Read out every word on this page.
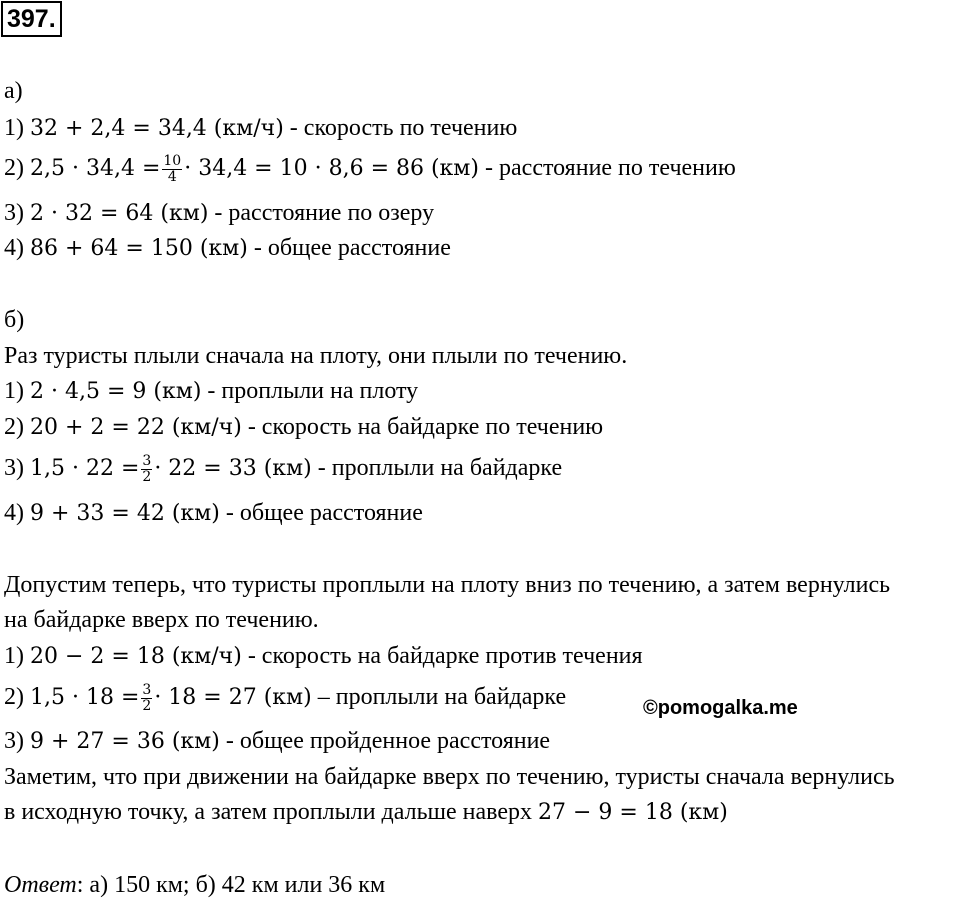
397.
а)
1) 32 + 2,4 = 34,4 (км/ч) - скорость по течению
2) $2,5 \cdot 34,4 = \frac{10}{4} \cdot 34,4 = 10 \cdot 8,6 = 86$ (км) - расстояние по течению
3) 2 · 32 = 64 (км) - расстояние по озеру
4) 86 + 64 = 150 (км) - общее расстояние
б)
Раз туристы плыли сначала на плоту, они плыли по течению.
1) 2 · 4,5 = 9 (км) - проплыли на плоту
2) 20 + 2 = 22 (км/ч) - скорость на байдарке по течению
3) $1,5 \cdot 22 = \frac{3}{2} \cdot 22 = 33$ (км) - проплыли на байдарке
4) 9 + 33 = 42 (км) - общее расстояние
Допустим теперь, что туристы проплыли на плоту вниз по течению, а затем вернулись
на байдарке вверх по течению.
1) 20 − 2 = 18 (км/ч) - скорость на байдарке против течения
2) $1,5 \cdot 18 = \frac{3}{2} \cdot 18 = 27$ (км) – проплыли на байдарке	©pomogalka.me
3) 9 + 27 = 36 (км) - общее пройденное расстояние
Заметим, что при движении на байдарке вверх по течению, туристы сначала вернулись
в исходную точку, а затем проплыли дальше наверх 27 − 9 = 18 (км)
Ответ: а) 150 км; б) 42 км или 36 км
